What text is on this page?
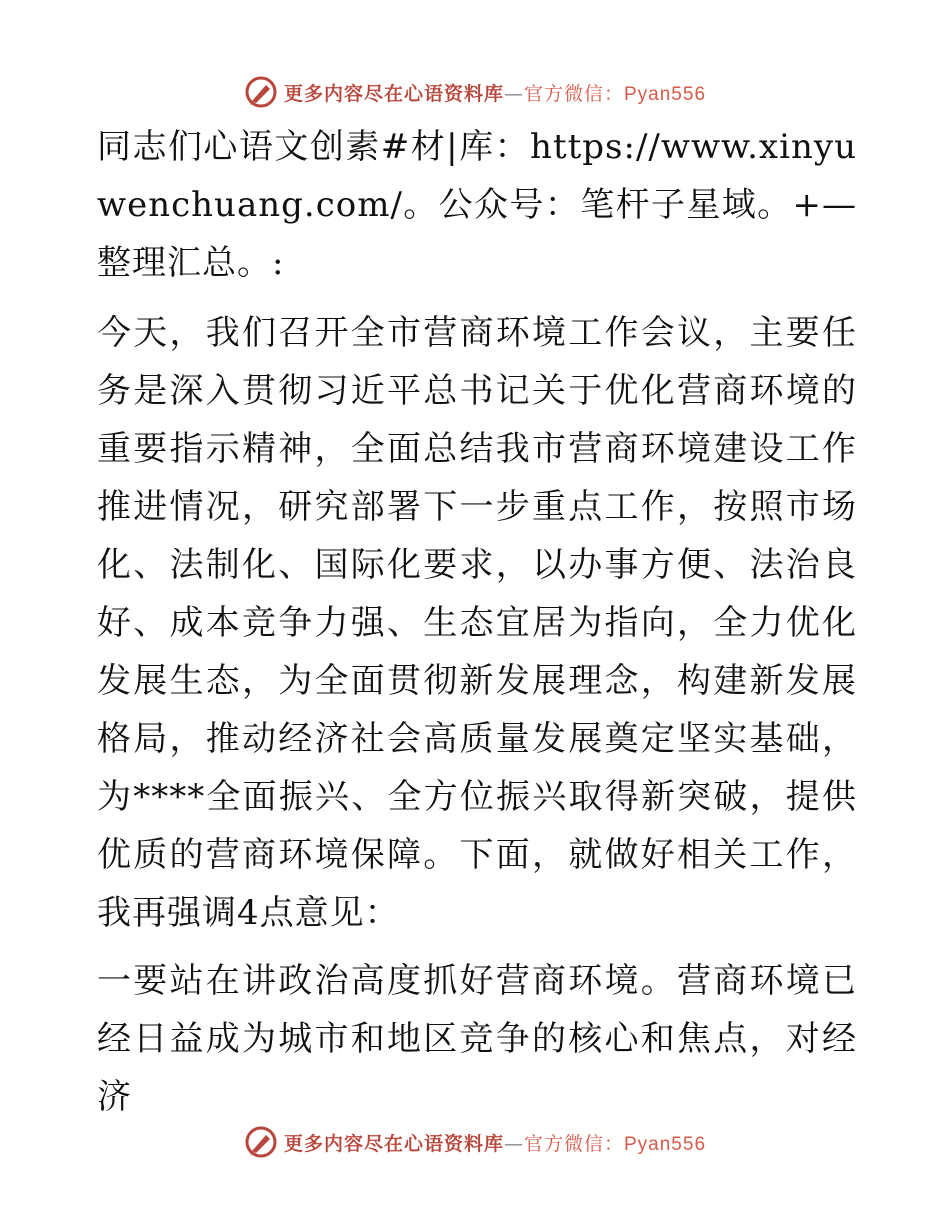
更多内容尽在心语资料库—官方微信：Pyan556

同志们心语文创素#材|库：https://www.xinyuwenchuang.com/。公众号：笔杆子星域。+—整理汇总。:

今天，我们召开全市营商环境工作会议，主要任务是深入贯彻习近平总书记关于优化营商环境的重要指示精神，全面总结我市营商环境建设工作推进情况，研究部署下一步重点工作，按照市场化、法制化、国际化要求，以办事方便、法治良好、成本竞争力强、生态宜居为指向，全力优化发展生态，为全面贯彻新发展理念，构建新发展格局，推动经济社会高质量发展奠定坚实基础，为****全面振兴、全方位振兴取得新突破，提供优质的营商环境保障。下面，就做好相关工作，我再强调4点意见：

一要站在讲政治高度抓好营商环境。营商环境已经日益成为城市和地区竞争的核心和焦点，对经济

更多内容尽在心语资料库—官方微信：Pyan556
